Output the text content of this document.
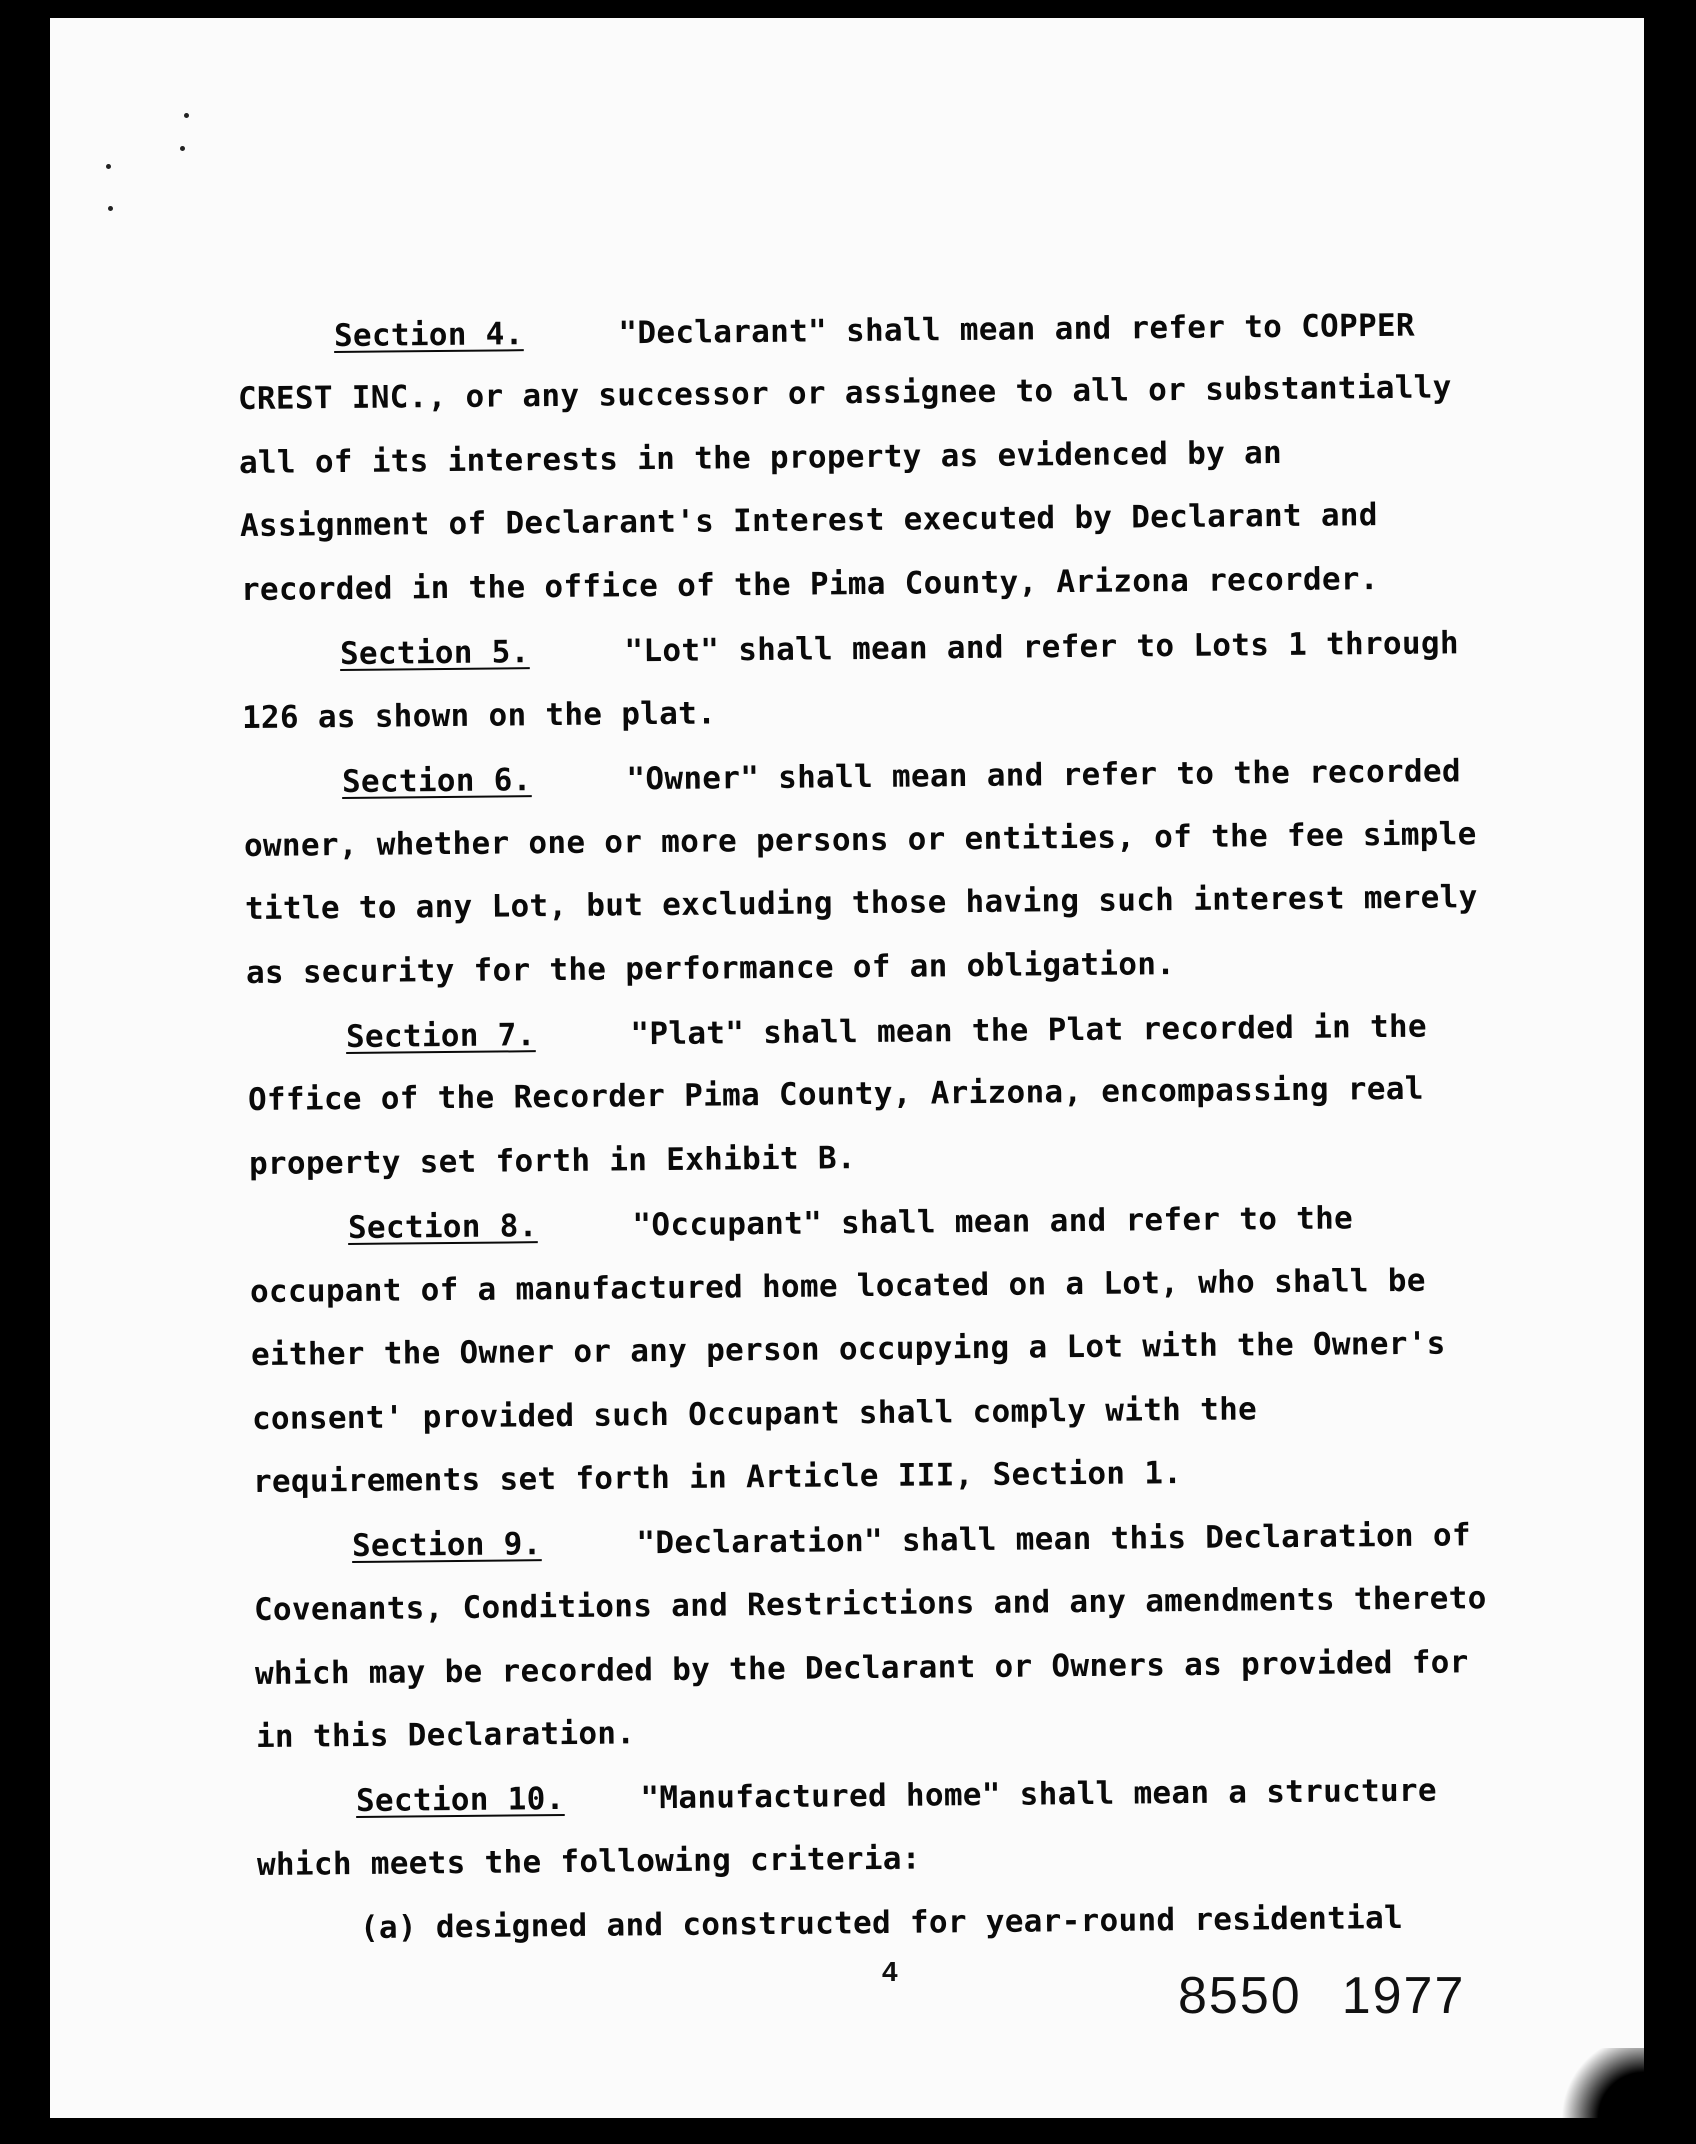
Section 4.	"Declarant" shall mean and refer to COPPER
CREST INC., or any successor or assignee to all or substantially
all of its interests in the property as evidenced by an
Assignment of Declarant's Interest executed by Declarant and
recorded in the office of the Pima County, Arizona recorder.
Section 5.	"Lot" shall mean and refer to Lots 1 through
126 as shown on the plat.
Section 6.	"Owner" shall mean and refer to the recorded
owner, whether one or more persons or entities, of the fee simple
title to any Lot, but excluding those having such interest merely
as security for the performance of an obligation.
Section 7.	"Plat" shall mean the Plat recorded in the
Office of the Recorder Pima County, Arizona, encompassing real
property set forth in Exhibit B.
Section 8.	"Occupant" shall mean and refer to the
occupant of a manufactured home located on a Lot, who shall be
either the Owner or any person occupying a Lot with the Owner's
consent' provided such Occupant shall comply with the
requirements set forth in Article III, Section 1.
Section 9.	"Declaration" shall mean this Declaration of
Covenants, Conditions and Restrictions and any amendments thereto
which may be recorded by the Declarant or Owners as provided for
in this Declaration.
Section 10. "Manufactured home" shall mean a structure
which meets the following criteria:
(a) designed and constructed for year-round residential
4	8550 1977
